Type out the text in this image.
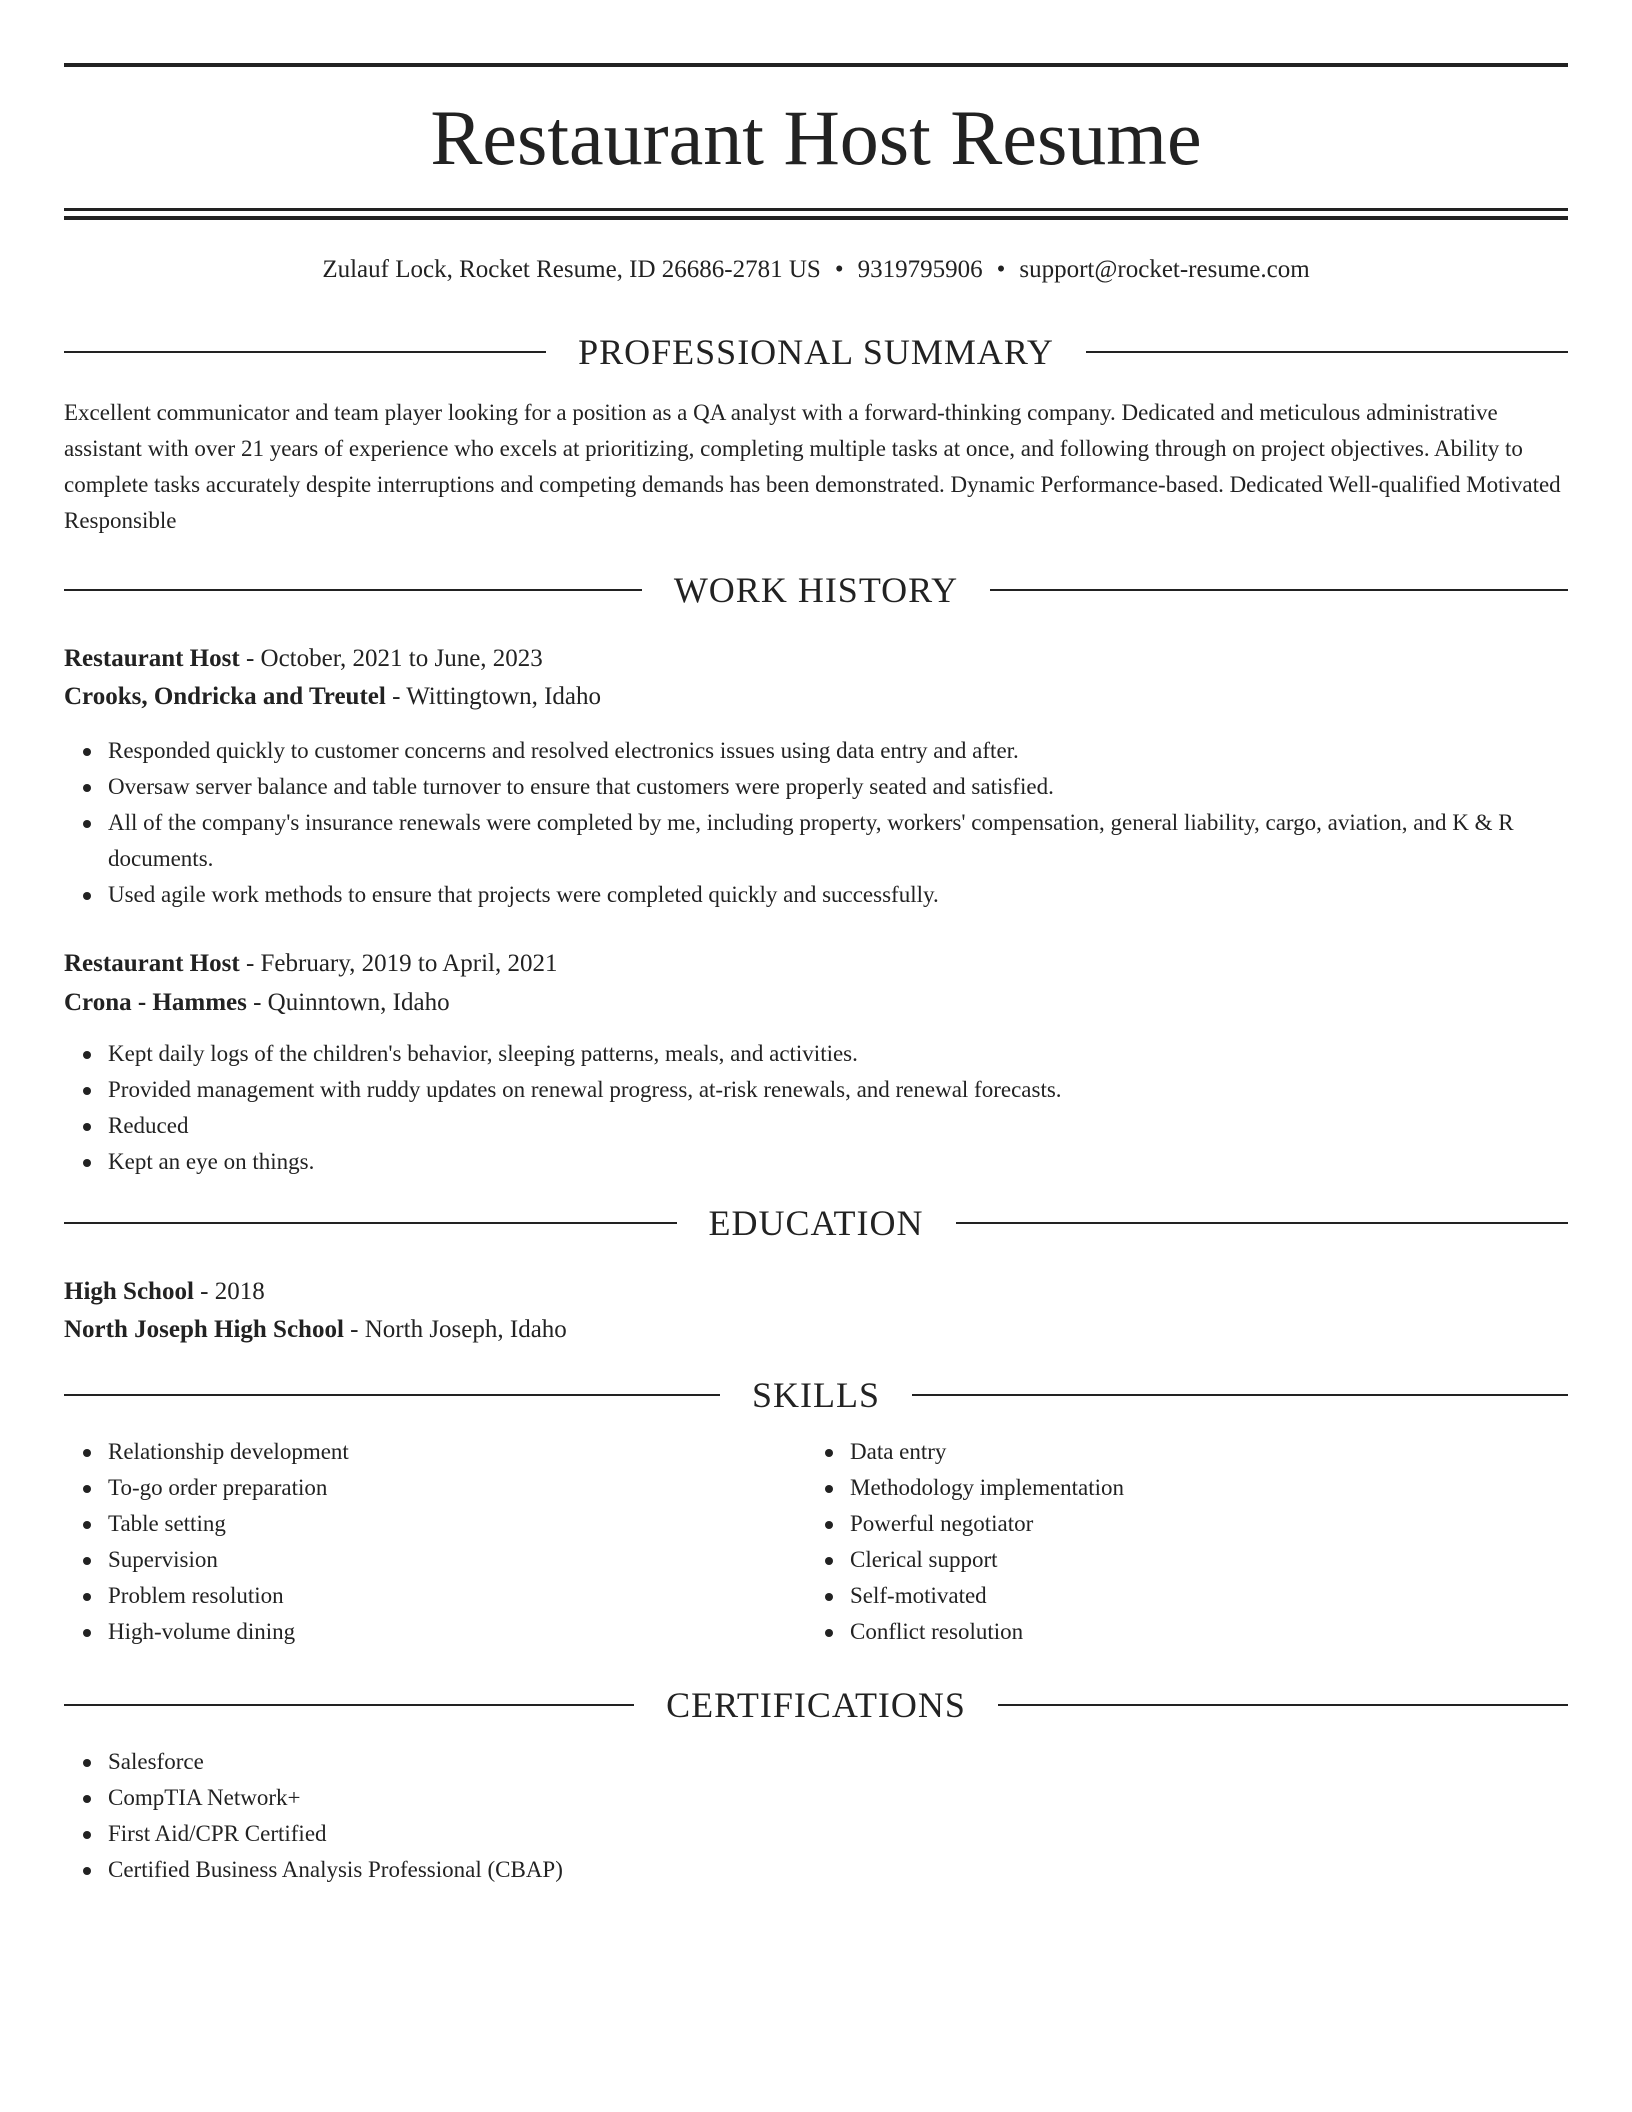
Restaurant Host Resume
Zulauf Lock, Rocket Resume, ID 26686-2781 US • 9319795906 • support@rocket-resume.com
PROFESSIONAL SUMMARY

Excellent communicator and team player looking for a position as a QA analyst with a forward-thinking company. Dedicated and meticulous administrative assistant with over 21 years of experience who excels at prioritizing, completing multiple tasks at once, and following through on project objectives. Ability to complete tasks accurately despite interruptions and competing demands has been demonstrated. Dynamic Performance-based. Dedicated Well-qualified Motivated Responsible

WORK HISTORY
Restaurant Host - October, 2021 to June, 2023
Crooks, Ondricka and Treutel - Wittingtown, Idaho
Responded quickly to customer concerns and resolved electronics issues using data entry and after.
Oversaw server balance and table turnover to ensure that customers were properly seated and satisfied.
All of the company's insurance renewals were completed by me, including property, workers' compensation, general liability, cargo, aviation, and K & R documents.
Used agile work methods to ensure that projects were completed quickly and successfully.
Restaurant Host - February, 2019 to April, 2021
Crona - Hammes - Quinntown, Idaho
Kept daily logs of the children's behavior, sleeping patterns, meals, and activities.
Provided management with ruddy updates on renewal progress, at-risk renewals, and renewal forecasts.
Reduced
Kept an eye on things.
EDUCATION
High School - 2018
North Joseph High School - North Joseph, Idaho
SKILLS
Relationship development
To-go order preparation
Table setting
Supervision
Problem resolution
High-volume dining
Data entry
Methodology implementation
Powerful negotiator
Clerical support
Self-motivated
Conflict resolution
CERTIFICATIONS
Salesforce
CompTIA Network+
First Aid/CPR Certified
Certified Business Analysis Professional (CBAP)
